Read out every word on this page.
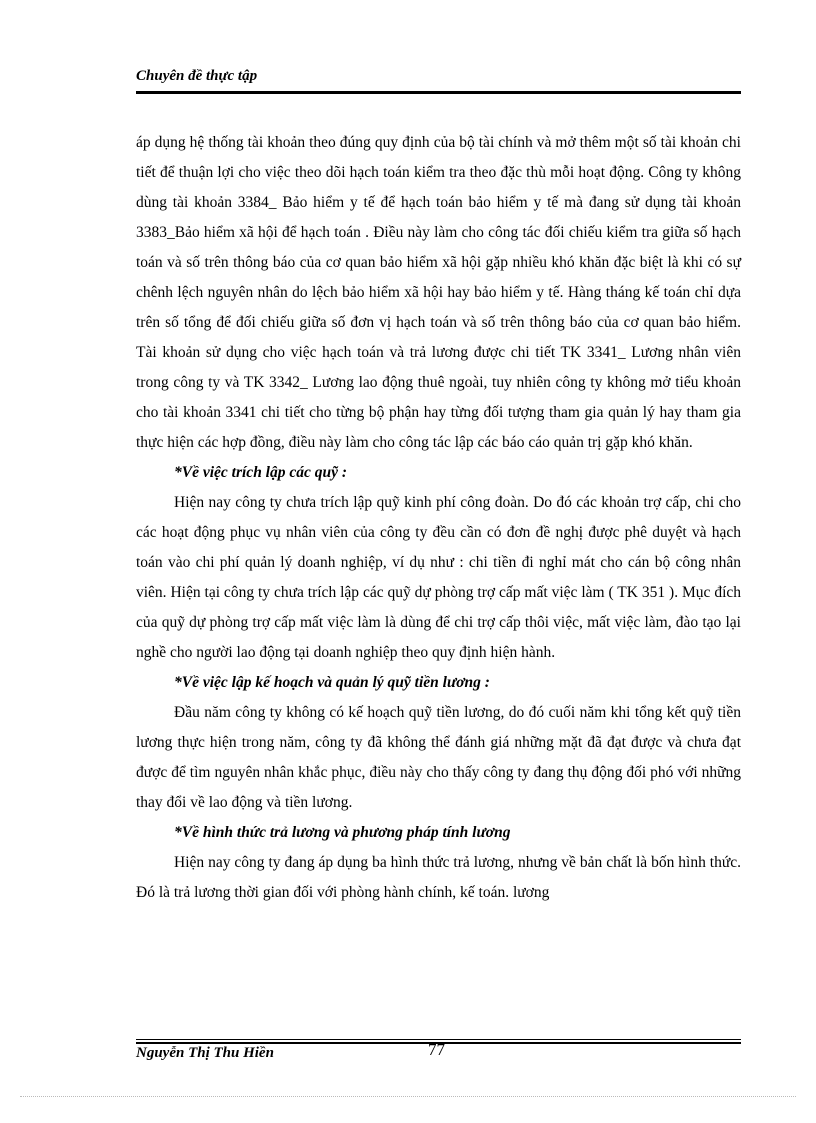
Chuyên đề thực tập

áp dụng hệ thống tài khoản theo đúng quy định của bộ tài chính và mở thêm một số tài khoản chi tiết để thuận lợi cho việc theo dõi hạch toán kiểm tra theo đặc thù mỗi hoạt động. Công ty không dùng tài khoản 3384_ Bảo hiểm y tế để hạch toán bảo hiểm y tế mà đang sử dụng tài khoản 3383_Bảo hiểm xã hội để hạch toán . Điều này làm cho công tác đối chiếu kiểm tra giữa số hạch toán và số trên thông báo của cơ quan bảo hiểm xã hội gặp nhiều khó khăn đặc biệt là khi có sự chênh lệch nguyên nhân do lệch bảo hiểm xã hội hay bảo hiểm y tế. Hàng tháng kế toán chỉ dựa trên số tổng để đối chiếu giữa số đơn vị hạch toán và số trên thông báo của cơ quan bảo hiểm. Tài khoản sử dụng cho việc hạch toán và trả lương được chi tiết TK 3341_ Lương nhân viên trong công ty và TK 3342_ Lương lao động thuê ngoài, tuy nhiên công ty không mở tiểu khoản cho tài khoản 3341 chi tiết cho từng bộ phận hay từng đối tượng tham gia quản lý hay tham gia thực hiện các hợp đồng, điều này làm cho công tác lập các báo cáo quản trị gặp khó khăn.

*Về việc trích lập các quỹ :

Hiện nay công ty chưa trích lập quỹ kinh phí công đoàn. Do đó các khoản trợ cấp, chi cho các hoạt động phục vụ nhân viên của công ty đều cần có đơn đề nghị được phê duyệt và hạch toán vào chi phí quản lý doanh nghiệp, ví dụ như : chi tiền đi nghỉ mát cho cán bộ công nhân viên. Hiện tại công ty chưa trích lập các quỹ dự phòng trợ cấp mất việc làm ( TK 351 ). Mục đích của quỹ dự phòng trợ cấp mất việc làm là dùng để chi trợ cấp thôi việc, mất việc làm, đào tạo lại nghề cho người lao động tại doanh nghiệp theo quy định hiện hành.

*Về việc lập kế hoạch và quản lý quỹ tiền lương :

Đầu năm công ty không có kế hoạch quỹ tiền lương, do đó cuối năm khi tổng kết quỹ tiền lương thực hiện trong năm, công ty đã không thể đánh giá những mặt đã đạt được và chưa đạt được để tìm nguyên nhân khắc phục, điều này cho thấy công ty đang thụ động đối phó với những thay đổi về lao động và tiền lương.

*Về hình thức trả lương và phương pháp tính lương

Hiện nay công ty đang áp dụng ba hình thức trả lương, nhưng về bản chất là bốn hình thức. Đó là trả lương thời gian đối với phòng hành chính, kế toán. lương

Nguyễn Thị Thu Hiền	77
